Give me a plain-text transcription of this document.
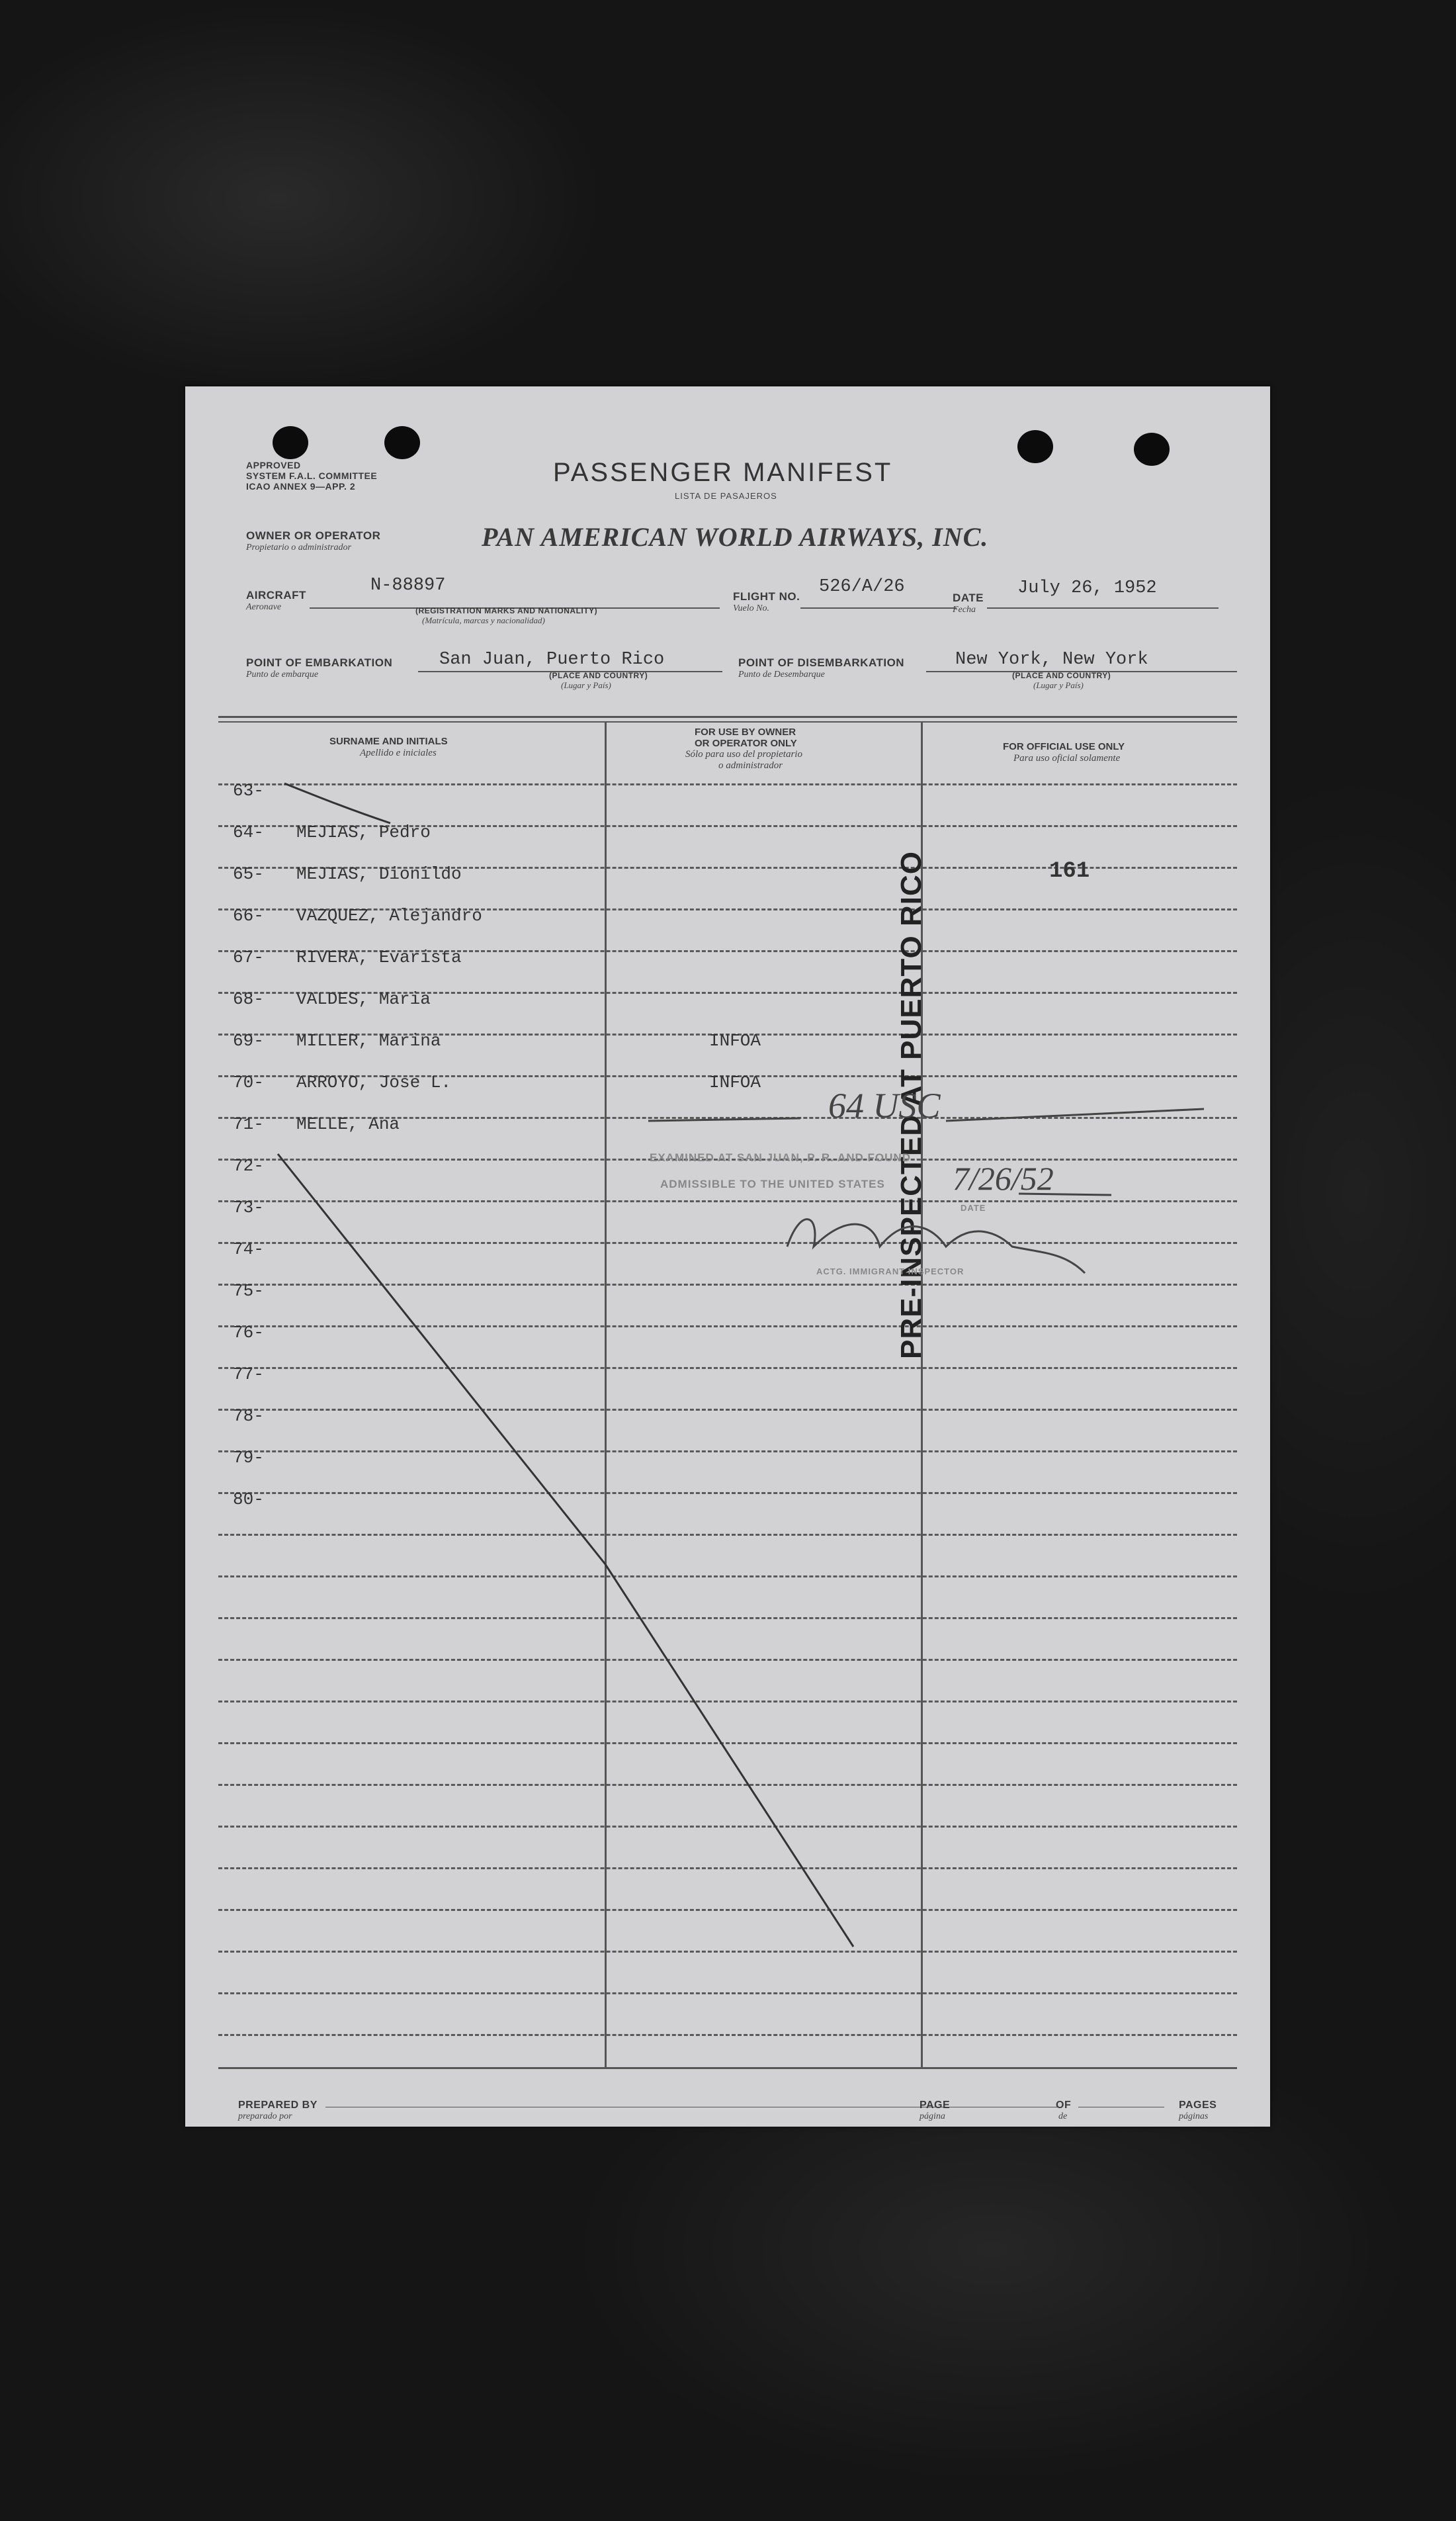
APPROVED
SYSTEM F.A.L. COMMITTEE
ICAO ANNEX 9—APP. 2	PASSENGER MANIFEST
LISTA DE PASAJEROS
OWNER OR OPERATOR
Propietario o administrador	PAN AMERICAN WORLD AIRWAYS, INC.
AIRCRAFT
Aeronave
N-88897
(REGISTRATION MARKS AND NATIONALITY)
(Matrícula, marcas y nacionalidad)
FLIGHT NO.
Vuelo No.
526/A/26
DATE
Fecha
July 26, 1952
POINT OF EMBARKATION
Punto de embarque
San Juan, Puerto Rico
(PLACE AND COUNTRY)
(Lugar y País)
POINT OF DISEMBARKATION
Punto de Desembarque
New York, New York
(PLACE AND COUNTRY)
(Lugar y País)
SURNAME AND INITIALS
Apellido e iniciales
FOR USE BY OWNER
OR OPERATOR ONLY
Sólo para uso del propietario
o administrador
FOR OFFICIAL USE ONLY
Para uso oficial solamente
63-
64- MEJIAS, Pedro
65- MEJIAS, Dionildo
66- VAZQUEZ, Alejandro
67- RIVERA, Evarista
68- VALDES, Maria
69- MILLER, Marina	INFOA
70- ARROYO, Jose L.	INFOA
71- MELLE, Ana
72-
73-
74-
75-
76-
77-
78-
79-
80-
161
PRE-INSPECTED AT PUERTO RICO
EXAMINED AT SAN JUAN, P. R. AND FOUND
ADMISSIBLE TO THE UNITED STATES
DATE
ACTG. IMMIGRANT INSPECTOR
64 USC
7/26/52
PREPARED BY
preparado por
PAGE
página
OF
de
PAGES
páginas
